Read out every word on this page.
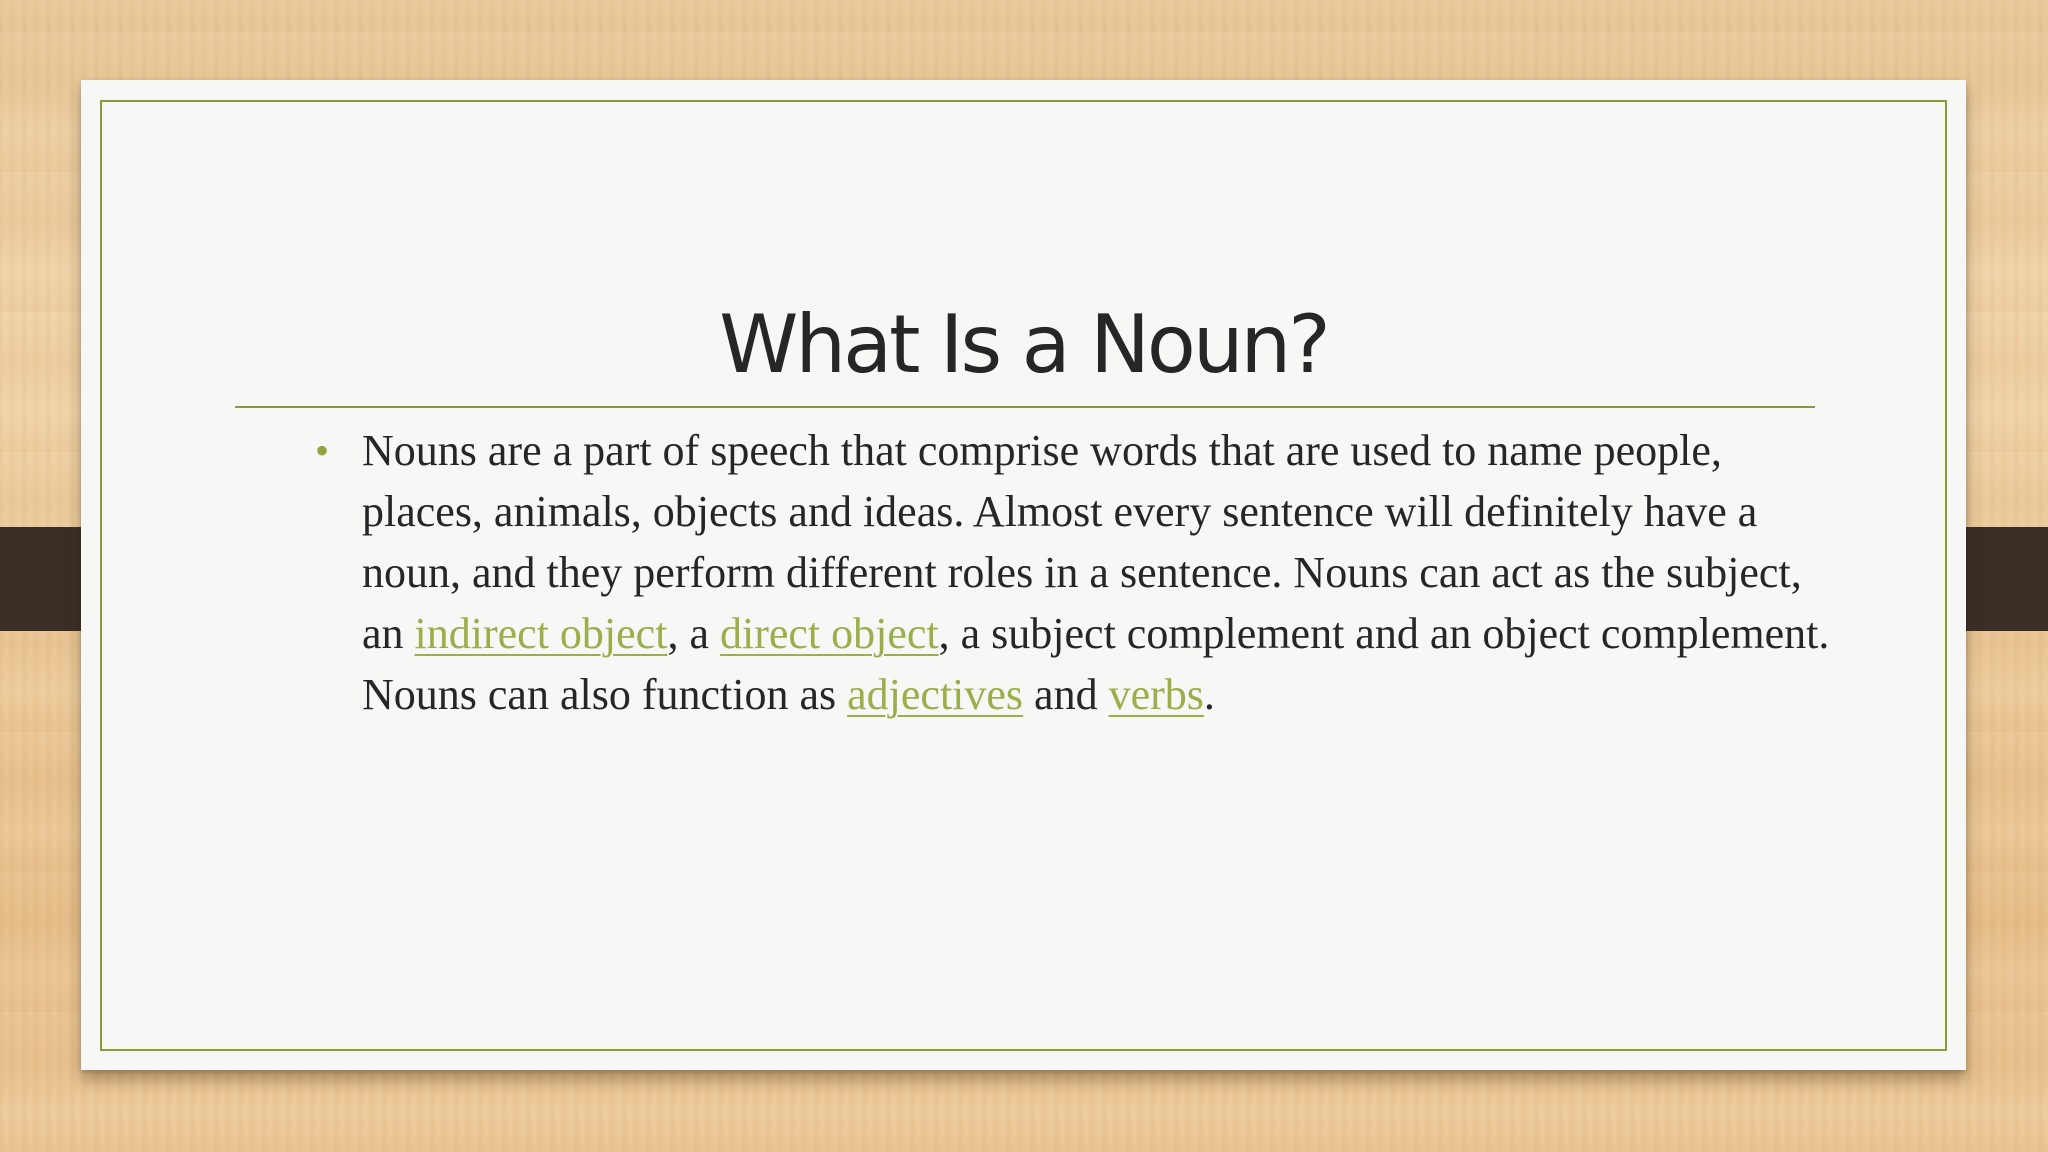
What Is a Noun?
• Nouns are a part of speech that comprise words that are used to name people, places, animals, objects and ideas. Almost every sentence will definitely have a noun, and they perform different roles in a sentence. Nouns can act as the subject, an indirect object, a direct object, a subject complement and an object complement. Nouns can also function as adjectives and verbs.
